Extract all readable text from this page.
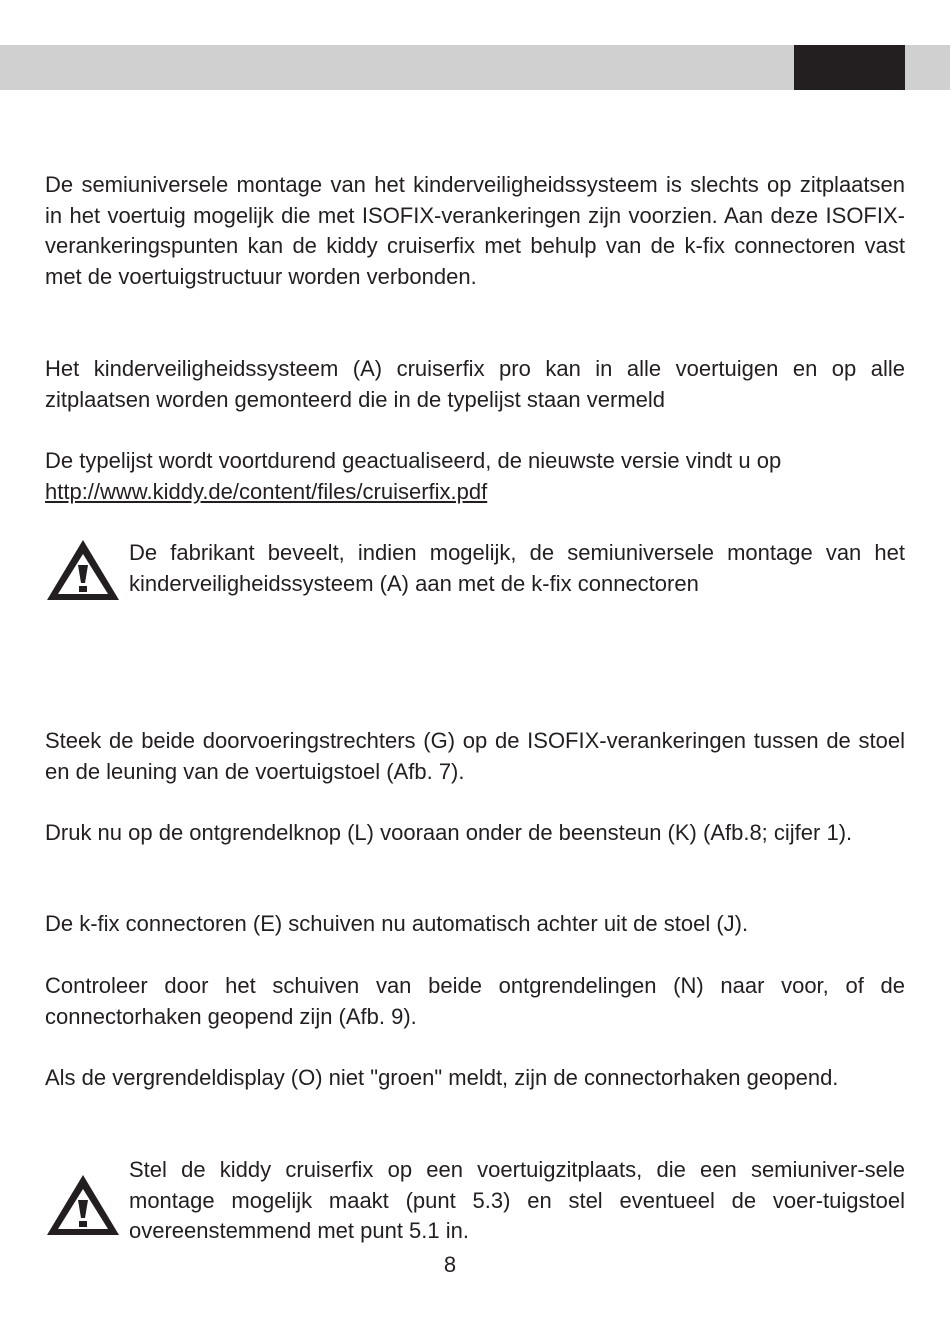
De semiuniversele montage van het kinderveiligheidssysteem is slechts op zitplaatsen in het voertuig mogelijk die met ISOFIX-verankeringen zijn voorzien. Aan deze ISOFIX-verankeringspunten kan de kiddy cruiserfix met behulp van de k-fix connectoren vast met de voertuigstructuur worden verbonden.

Het kinderveiligheidssysteem (A) cruiserfix pro kan in alle voertuigen en op alle zitplaatsen worden gemonteerd die in de typelijst staan vermeld

De typelijst wordt voortdurend geactualiseerd, de nieuwste versie vindt u op
http://www.kiddy.de/content/files/cruiserfix.pdf

De fabrikant beveelt, indien mogelijk, de semiuniversele montage van het kinderveiligheidssysteem (A) aan met de k-fix connectoren

Steek de beide doorvoeringstrechters (G) op de ISOFIX-verankeringen tussen de stoel en de leuning van de voertuigstoel (Afb. 7).

Druk nu op de ontgrendelknop (L) vooraan onder de beensteun (K) (Afb.8; cijfer 1).

De k-fix connectoren (E) schuiven nu automatisch achter uit de stoel (J).

Controleer door het schuiven van beide ontgrendelingen (N) naar voor, of de connectorhaken geopend zijn (Afb. 9).

Als de vergrendeldisplay (O) niet "groen" meldt, zijn de connectorhaken geopend.

Stel de kiddy cruiserfix op een voertuigzitplaats, die een semiuniver-sele montage mogelijk maakt (punt 5.3) en stel eventueel de voer-tuigstoel overeenstemmend met punt 5.1 in.

8
